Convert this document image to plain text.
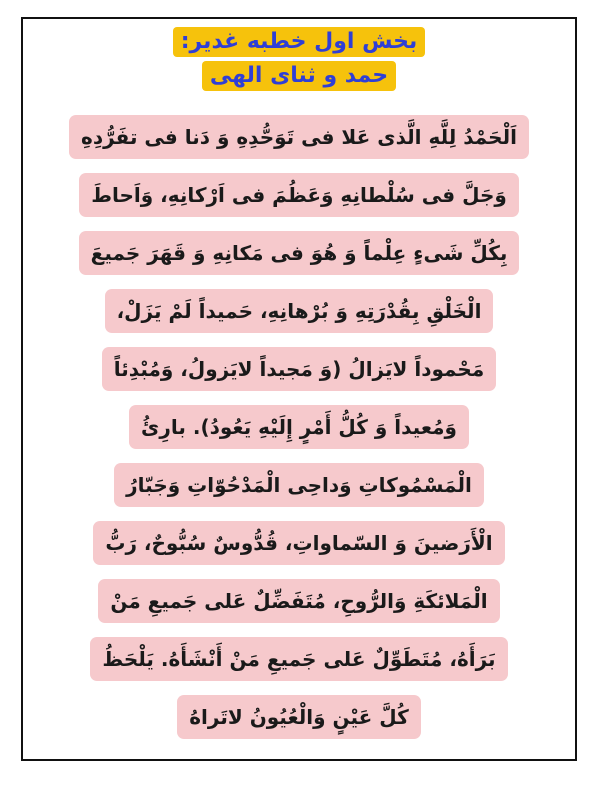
بخش اول خطبه غدیر:
حمد و ثنای الهی
اَلْحَمْدُ لِلَّهِ الَّذی عَلا فی تَوَحُّدِهِ وَ دَنا فی تفَرُّدِهِ
وَجَلَّ فی سُلْطانِهِ وَعَظُمَ فی اَرْکانِهِ، وَاَحاطَ
بِکُلِّ شَیءٍ عِلْماً وَ هُوَ فی مَکانِهِ وَ قَهَرَ جَمیعَ
الْخَلْقِ بِقُدْرَتِهِ وَ بُرْهانِهِ، حَمیداً لَمْ یَزَلْ،
مَحْموداً لایَزالُ (وَ مَجیداً لایَزولُ، وَمُبْدِئاً
وَمُعیداً وَ کُلُّ أَمْرٍ إِلَیْهِ یَعُودُ). بارِئُ
الْمَسْمُوکاتِ وَداحِی الْمَدْحُوّاتِ وَجَبّارُ
الْأَرَضینَ وَ السّماواتِ، قُدُّوسٌ سُبُّوحٌ، رَبُّ
الْمَلائکَةِ وَالرُّوحِ، مُتَفَضِّلٌ عَلی جَمیعِ مَنْ
بَرَأَهُ، مُتَطَوِّلٌ عَلی جَمیعِ مَنْ أَنْشَأَهُ. یَلْحَظُ
کُلَّ عَیْنٍ وَالْعُیُونُ لاتَراهُ
